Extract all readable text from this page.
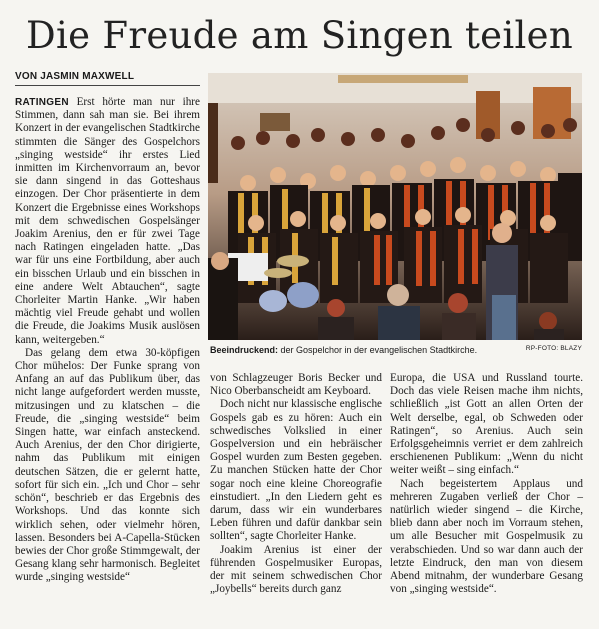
Die Freude am Singen teilen
VON JASMIN MAXWELL

RATINGEN Erst hörte man nur ihre Stimmen, dann sah man sie. Bei ihrem Konzert in der evangelischen Stadtkirche stimmten die Sänger des Gospelchors „singing westside“ ihr erstes Lied inmitten im Kirchenvorraum an, bevor sie dann singend in das Gotteshaus einzogen. Der Chor präsentierte in dem Konzert die Ergebnisse eines Workshops mit dem schwedischen Gospelsänger Joakim Arenius, den er für zwei Tage nach Ratingen eingeladen hatte. „Das war für uns eine Fortbildung, aber auch ein bisschen Urlaub und ein bisschen in eine andere Welt Abtauchen“, sagte Chorleiter Martin Hanke. „Wir haben mächtig viel Freude gehabt und wollen die Freude, die Joakims Musik auslösen kann, weitergeben.“

Das gelang dem etwa 30-köpfigen Chor mühelos: Der Funke sprang von Anfang an auf das Publikum über, das nicht lange aufgefordert werden musste, mitzusingen und zu klatschen – die Freude, die „singing westside“ beim Singen hatte, war einfach ansteckend. Auch Arenius, der den Chor dirigierte, nahm das Publikum mit einigen deutschen Sätzen, die er gelernt hatte, sofort für sich ein. „Ich und Chor – sehr schön“, beschrieb er das Ergebnis des Workshops. Und das konnte sich wirklich sehen, oder vielmehr hören, lassen. Besonders bei A-Capella-Stücken bewies der Chor große Stimmgewalt, der Gesang klang sehr harmonisch. Begleitet wurde „singing westside“

Beeindruckend: der Gospelchor in der evangelischen Stadtkirche.	RP-FOTO: BLAZY

von Schlagzeuger Boris Becker und Nico Oberbanscheidt am Keyboard.

Doch nicht nur klassische englische Gospels gab es zu hören: Auch ein schwedisches Volkslied in einer Gospelversion und ein hebräischer Gospel wurden zum Besten gegeben. Zu manchen Stücken hatte der Chor sogar noch eine kleine Choreografie einstudiert. „In den Liedern geht es darum, dass wir ein wunderbares Leben führen und dafür dankbar sein sollten“, sagte Chorleiter Hanke.

Joakim Arenius ist einer der führenden Gospelmusiker Europas, der mit seinem schwedischen Chor „Joybells“ bereits durch ganz

Europa, die USA und Russland tourte. Doch das viele Reisen mache ihm nichts, schließlich „ist Gott an allen Orten der Welt derselbe, egal, ob Schweden oder Ratingen“, so Arenius. Auch sein Erfolgsgeheimnis verriet er dem zahlreich erschienenen Publikum: „Wenn du nicht weiter weißt – sing einfach.“

Nach begeistertem Applaus und mehreren Zugaben verließ der Chor – natürlich wieder singend – die Kirche, blieb dann aber noch im Vorraum stehen, um alle Besucher mit Gospelmusik zu verabschieden. Und so war dann auch der letzte Eindruck, den man von diesem Abend mitnahm, der wunderbare Gesang von „singing westside“.
